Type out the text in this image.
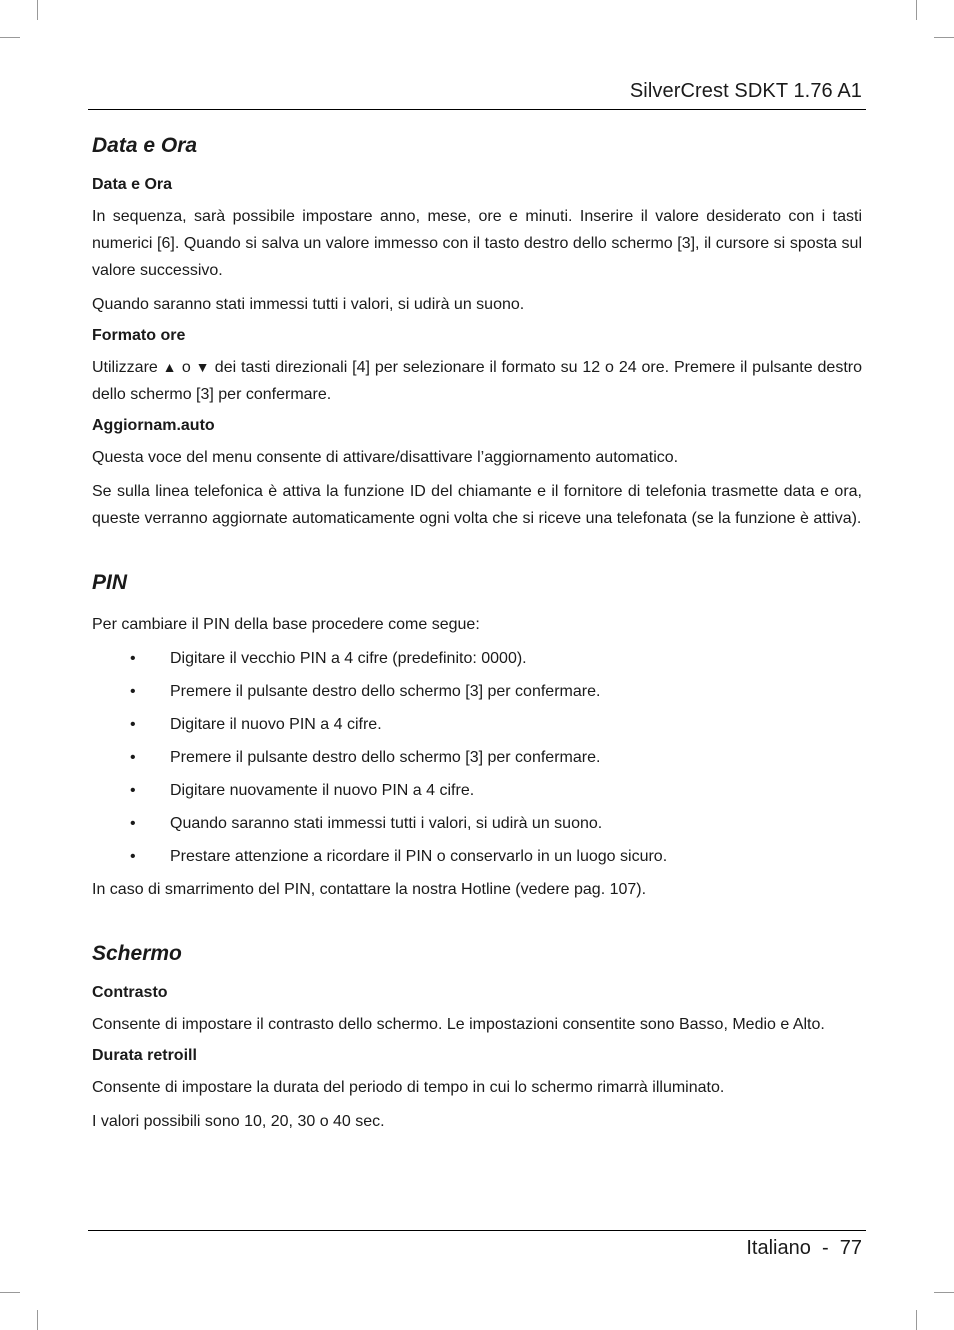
SilverCrest SDKT 1.76 A1
Data e Ora
Data e Ora

In sequenza, sarà possibile impostare anno, mese, ore e minuti. Inserire il valore desiderato con i tasti numerici [6]. Quando si salva un valore immesso con il tasto destro dello schermo [3], il cursore si sposta sul valore successivo.

Quando saranno stati immessi tutti i valori, si udirà un suono.

Formato ore

Utilizzare ▲ o ▼ dei tasti direzionali [4] per selezionare il formato su 12 o 24 ore. Premere il pulsante destro dello schermo [3] per confermare.

Aggiornam.auto

Questa voce del menu consente di attivare/disattivare l’aggiornamento automatico.

Se sulla linea telefonica è attiva la funzione ID del chiamante e il fornitore di telefonia trasmette data e ora, queste verranno aggiornate automaticamente ogni volta che si riceve una telefonata (se la funzione è attiva).

PIN

Per cambiare il PIN della base procedere come segue:

• Digitare il vecchio PIN a 4 cifre (predefinito: 0000).
• Premere il pulsante destro dello schermo [3] per confermare.
• Digitare il nuovo PIN a 4 cifre.
• Premere il pulsante destro dello schermo [3] per confermare.
• Digitare nuovamente il nuovo PIN a 4 cifre.
• Quando saranno stati immessi tutti i valori, si udirà un suono.
• Prestare attenzione a ricordare il PIN o conservarlo in un luogo sicuro.

In caso di smarrimento del PIN, contattare la nostra Hotline (vedere pag. 107).

Schermo
Contrasto

Consente di impostare il contrasto dello schermo. Le impostazioni consentite sono Basso, Medio e Alto.

Durata retroill

Consente di impostare la durata del periodo di tempo in cui lo schermo rimarrà illuminato.

I valori possibili sono 10, 20, 30 o 40 sec.

Italiano  -  77
